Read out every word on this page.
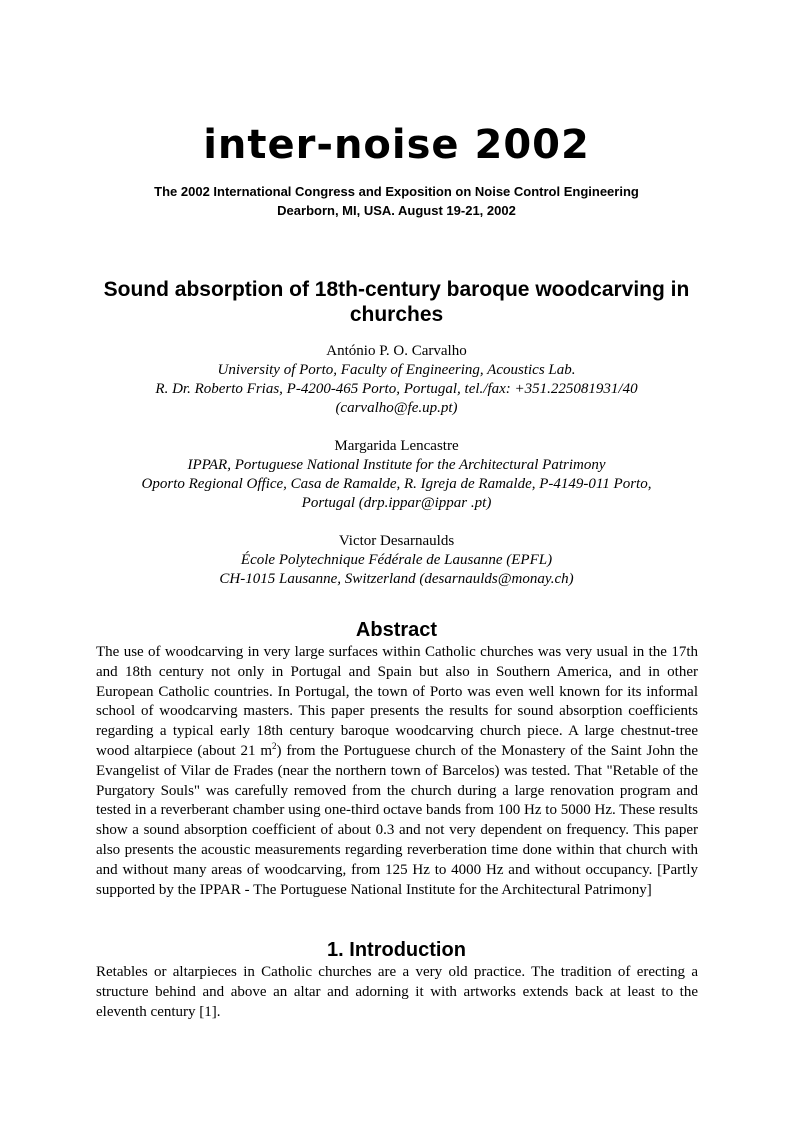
inter-noise 2002
The 2002 International Congress and Exposition on Noise Control Engineering
Dearborn, MI, USA. August 19-21, 2002
Sound absorption of 18th-century baroque woodcarving in churches
António P. O. Carvalho
University of Porto, Faculty of Engineering, Acoustics Lab.
R. Dr. Roberto Frias, P-4200-465 Porto, Portugal, tel./fax: +351.225081931/40
(carvalho@fe.up.pt)
Margarida Lencastre
IPPAR, Portuguese National Institute for the Architectural Patrimony
Oporto Regional Office, Casa de Ramalde, R. Igreja de Ramalde, P-4149-011 Porto,
Portugal (drp.ippar@ippar .pt)
Victor Desarnaulds
École Polytechnique Fédérale de Lausanne (EPFL)
CH-1015 Lausanne, Switzerland (desarnaulds@monay.ch)
Abstract

The use of woodcarving in very large surfaces within Catholic churches was very usual in the 17th and 18th century not only in Portugal and Spain but also in Southern America, and in other European Catholic countries. In Portugal, the town of Porto was even well known for its informal school of woodcarving masters. This paper presents the results for sound absorption coefficients regarding a typical early 18th century baroque woodcarving church piece. A large chestnut-tree wood altarpiece (about 21 $m^2$) from the Portuguese church of the Monastery of the Saint John the Evangelist of Vilar de Frades (near the northern town of Barcelos) was tested. That "Retable of the Purgatory Souls" was carefully removed from the church during a large renovation program and tested in a reverberant chamber using one-third octave bands from 100 Hz to 5000 Hz. These results show a sound absorption coefficient of about 0.3 and not very dependent on frequency. This paper also presents the acoustic measurements regarding reverberation time done within that church with and without many areas of woodcarving, from 125 Hz to 4000 Hz and without occupancy. [Partly supported by the IPPAR - The Portuguese National Institute for the Architectural Patrimony]

1. Introduction

Retables or altarpieces in Catholic churches are a very old practice. The tradition of erecting a structure behind and above an altar and adorning it with artworks extends back at least to the eleventh century [1].
